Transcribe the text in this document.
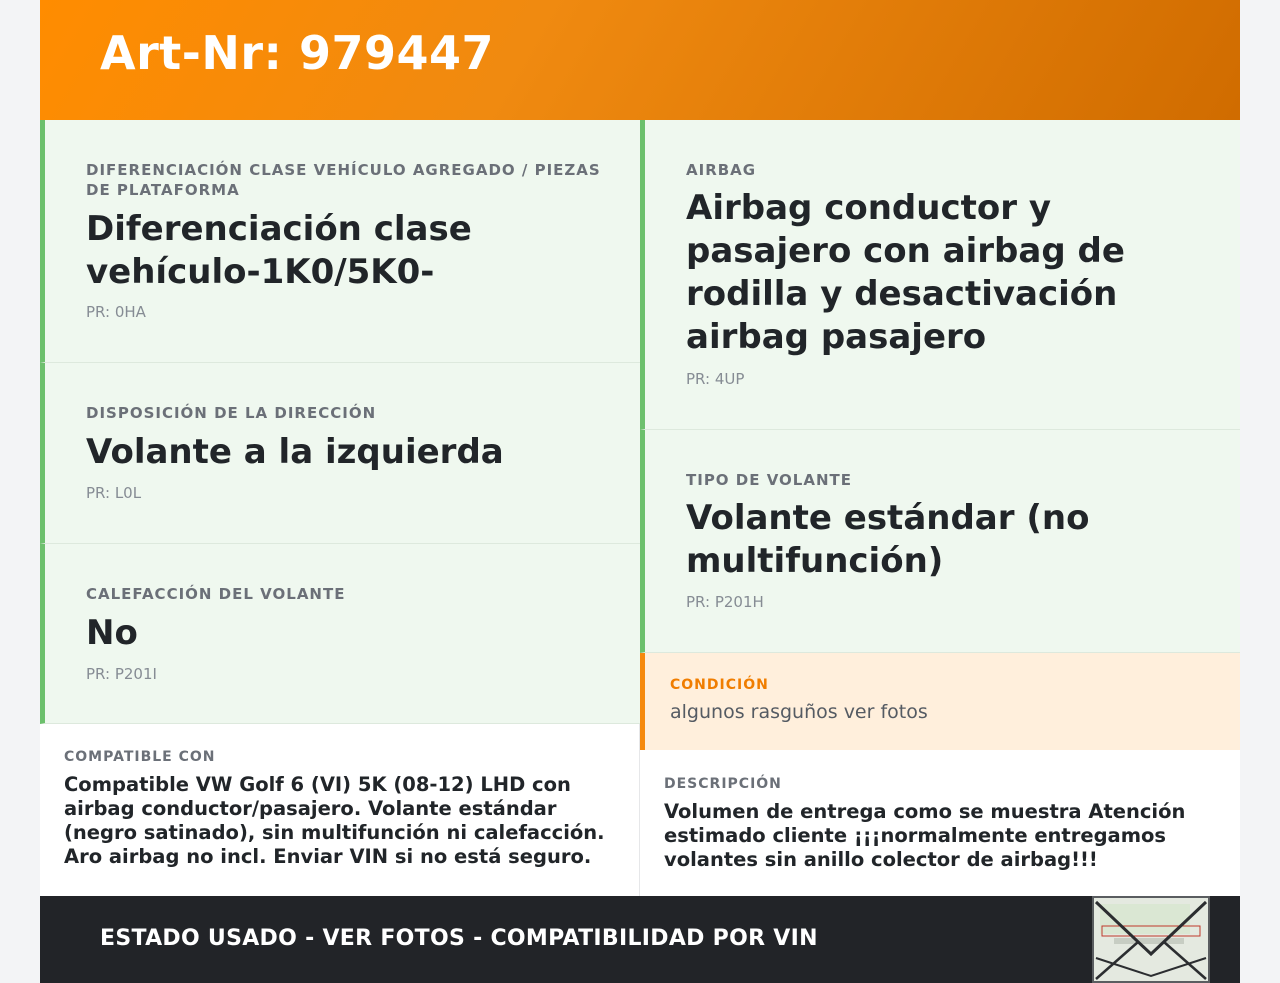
Art-Nr: 979447
DIFERENCIACIÓN CLASE VEHÍCULO AGREGADO / PIEZAS DE PLATAFORMA
Diferenciación clase vehículo-1K0/5K0-
PR: 0HA
DISPOSICIÓN DE LA DIRECCIÓN
Volante a la izquierda
PR: L0L
CALEFACCIÓN DEL VOLANTE
No
PR: P201I
AIRBAG
Airbag conductor y pasajero con airbag de rodilla y desactivación airbag pasajero
PR: 4UP
TIPO DE VOLANTE
Volante estándar (no multifunción)
PR: P201H
CONDICIÓN
algunos rasguños ver fotos
COMPATIBLE CON
Compatible VW Golf 6 (VI) 5K (08-12) LHD con airbag conductor/pasajero. Volante estándar (negro satinado), sin multifunción ni calefacción. Aro airbag no incl. Enviar VIN si no está seguro.
DESCRIPCIÓN
Volumen de entrega como se muestra Atención estimado cliente ¡¡¡normalmente entregamos volantes sin anillo colector de airbag!!!
ESTADO USADO - VER FOTOS - COMPATIBILIDAD POR VIN
